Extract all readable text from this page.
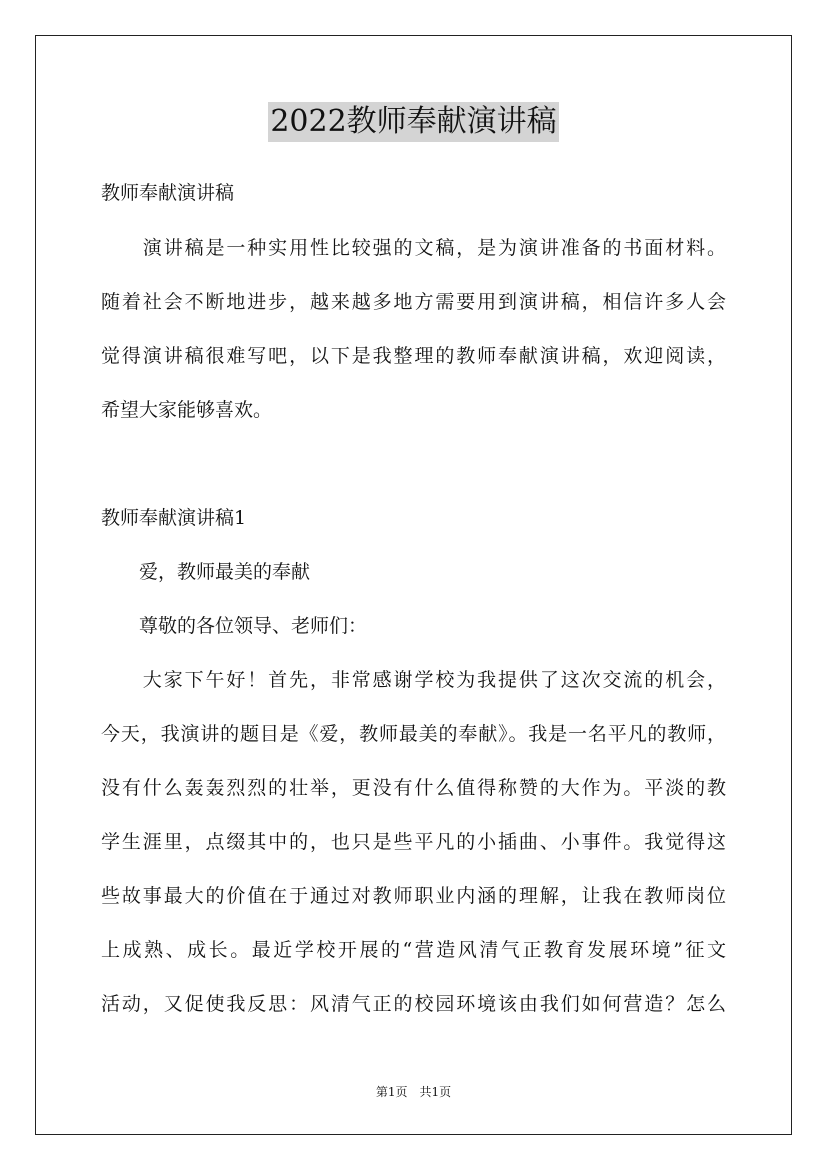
2022教师奉献演讲稿
教师奉献演讲稿
　　演讲稿是一种实用性比较强的文稿，是为演讲准备的书面材料。
随着社会不断地进步，越来越多地方需要用到演讲稿，相信许多人会
觉得演讲稿很难写吧，以下是我整理的教师奉献演讲稿，欢迎阅读，
希望大家能够喜欢。
教师奉献演讲稿1
　　爱，教师最美的奉献
　　尊敬的各位领导、老师们：
　　大家下午好！首先，非常感谢学校为我提供了这次交流的机会，
今天，我演讲的题目是《爱，教师最美的奉献》。我是一名平凡的教师，
没有什么轰轰烈烈的壮举，更没有什么值得称赞的大作为。平淡的教
学生涯里，点缀其中的，也只是些平凡的小插曲、小事件。我觉得这
些故事最大的价值在于通过对教师职业内涵的理解，让我在教师岗位
上成熟、成长。最近学校开展的“营造风清气正教育发展环境”征文
活动，又促使我反思：风清气正的校园环境该由我们如何营造？怎么
第1页　共1页
